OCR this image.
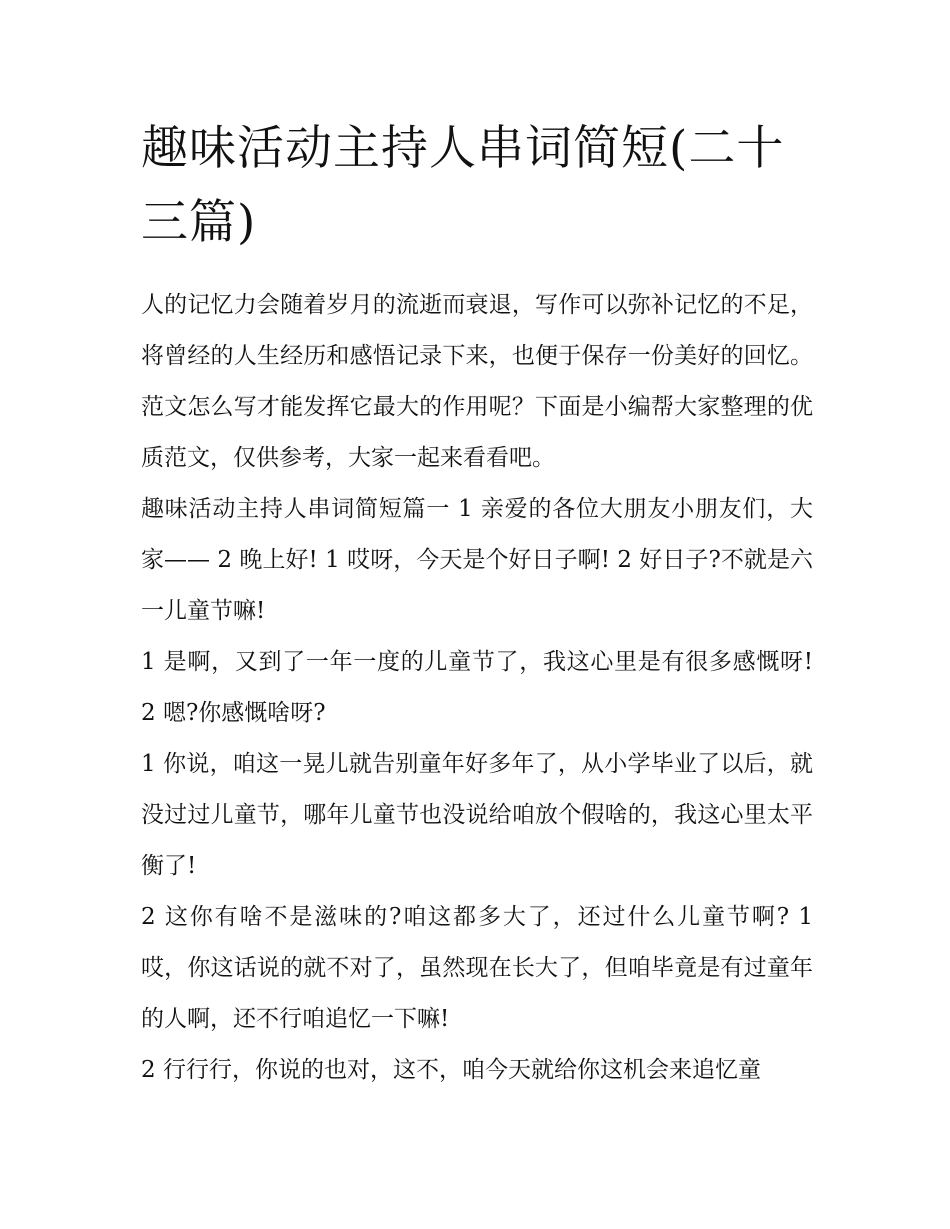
趣味活动主持人串词简短(二十三篇)

人的记忆力会随着岁月的流逝而衰退，写作可以弥补记忆的不足，将曾经的人生经历和感悟记录下来，也便于保存一份美好的回忆。范文怎么写才能发挥它最大的作用呢？下面是小编帮大家整理的优质范文，仅供参考，大家一起来看看吧。

趣味活动主持人串词简短篇一 1 亲爱的各位大朋友小朋友们，大家—— 2 晚上好! 1 哎呀，今天是个好日子啊! 2 好日子?不就是六一儿童节嘛!

1 是啊，又到了一年一度的儿童节了，我这心里是有很多感慨呀! 2 嗯?你感慨啥呀?

1 你说，咱这一晃儿就告别童年好多年了，从小学毕业了以后，就没过过儿童节，哪年儿童节也没说给咱放个假啥的，我这心里太平衡了!

2 这你有啥不是滋味的?咱这都多大了，还过什么儿童节啊? 1 哎，你这话说的就不对了，虽然现在长大了，但咱毕竟是有过童年的人啊，还不行咱追忆一下嘛!

2 行行行，你说的也对，这不，咱今天就给你这机会来追忆童
